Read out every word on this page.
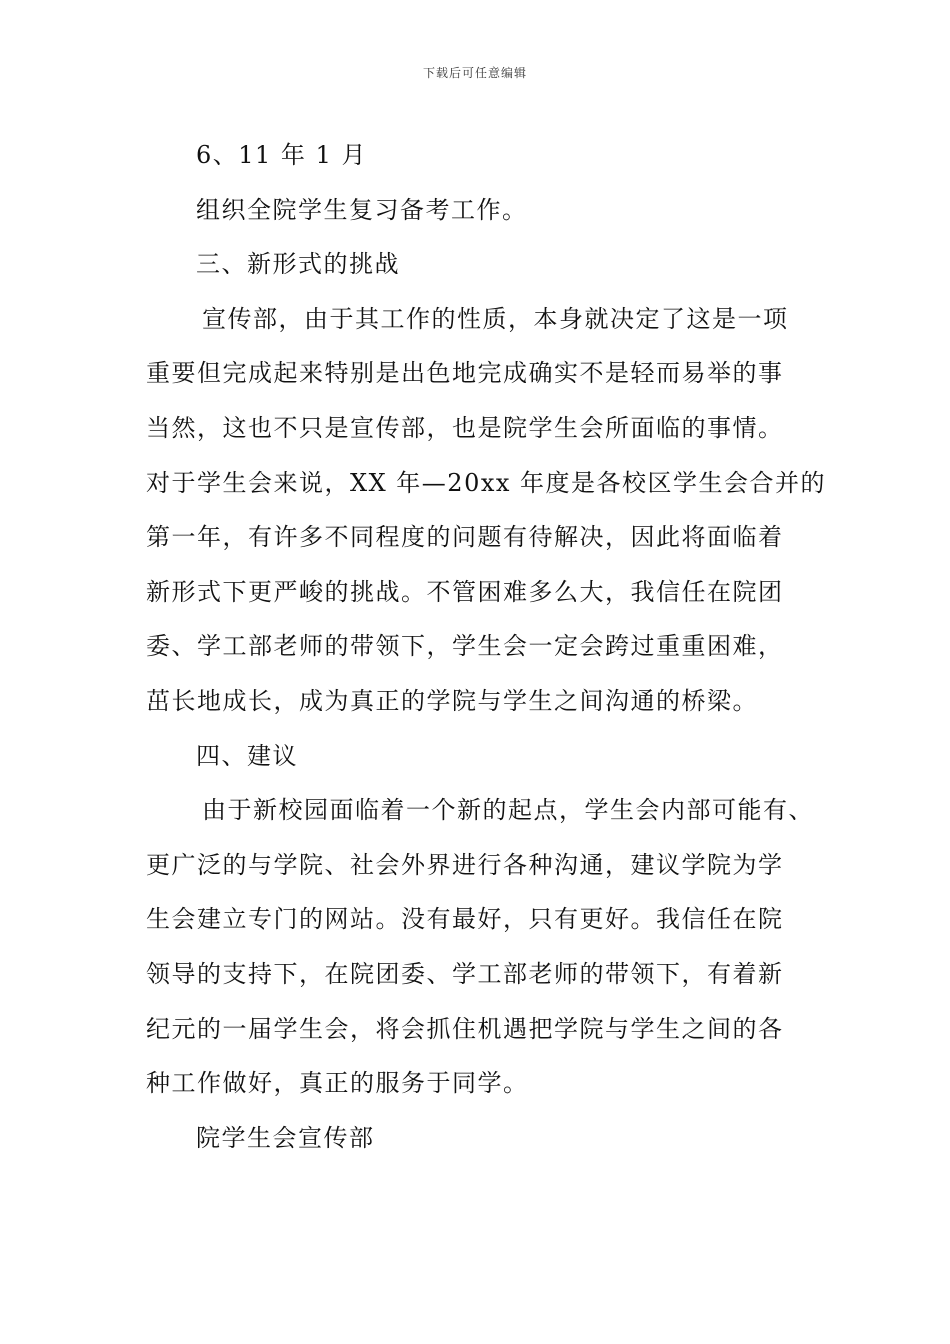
下载后可任意编辑
6、11 年 1 月
组织全院学生复习备考工作。
三、新形式的挑战
宣传部，由于其工作的性质，本身就决定了这是一项
重要但完成起来特别是出色地完成确实不是轻而易举的事
当然，这也不只是宣传部，也是院学生会所面临的事情。
对于学生会来说，XX 年—20xx 年度是各校区学生会合并的
第一年，有许多不同程度的问题有待解决，因此将面临着
新形式下更严峻的挑战。不管困难多么大，我信任在院团
委、学工部老师的带领下，学生会一定会跨过重重困难，
茁长地成长，成为真正的学院与学生之间沟通的桥梁。
四、建议
由于新校园面临着一个新的起点，学生会内部可能有、
更广泛的与学院、社会外界进行各种沟通，建议学院为学
生会建立专门的网站。没有最好，只有更好。我信任在院
领导的支持下，在院团委、学工部老师的带领下，有着新
纪元的一届学生会，将会抓住机遇把学院与学生之间的各
种工作做好，真正的服务于同学。
院学生会宣传部
